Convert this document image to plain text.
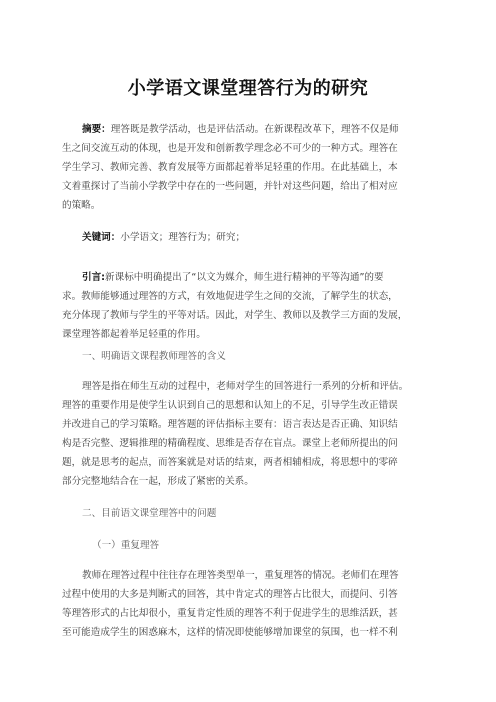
小学语文课堂理答行为的研究
摘要：理答既是教学活动，也是评估活动。在新课程改革下，理答不仅是师
生之间交流互动的体现，也是开发和创新教学理念必不可少的一种方式。理答在
学生学习、教师完善、教育发展等方面都起着举足轻重的作用。在此基础上，本
文着重探讨了当前小学教学中存在的一些问题，并针对这些问题，给出了相对应
的策略。
关键词：小学语文；理答行为；研究；
引言:新课标中明确提出了“以文为媒介，师生进行精神的平等沟通”的要
求。教师能够通过理答的方式，有效地促进学生之间的交流，了解学生的状态，
充分体现了教师与学生的平等对话。因此，对学生、教师以及教学三方面的发展，
课堂理答都起着举足轻重的作用。
一、明确语文课程教师理答的含义
理答是指在师生互动的过程中，老师对学生的回答进行一系列的分析和评估。
理答的重要作用是使学生认识到自己的思想和认知上的不足，引导学生改正错误
并改进自己的学习策略。理答题的评估指标主要有：语言表达是否正确、知识结
构是否完整、逻辑推理的精确程度、思维是否存在盲点。课堂上老师所提出的问
题，就是思考的起点，而答案就是对话的结束，两者相辅相成，将思想中的零碎
部分完整地结合在一起，形成了紧密的关系。
二、目前语文课堂理答中的问题
（一）重复理答
教师在理答过程中往往存在理答类型单一，重复理答的情况。老师们在理答
过程中使用的大多是判断式的回答，其中肯定式的理答占比很大，而提问、引答
等理答形式的占比却很小，重复肯定性质的理答不利于促进学生的思维活跃，甚
至可能造成学生的困惑麻木，这样的情况即使能够增加课堂的氛围，也一样不利
